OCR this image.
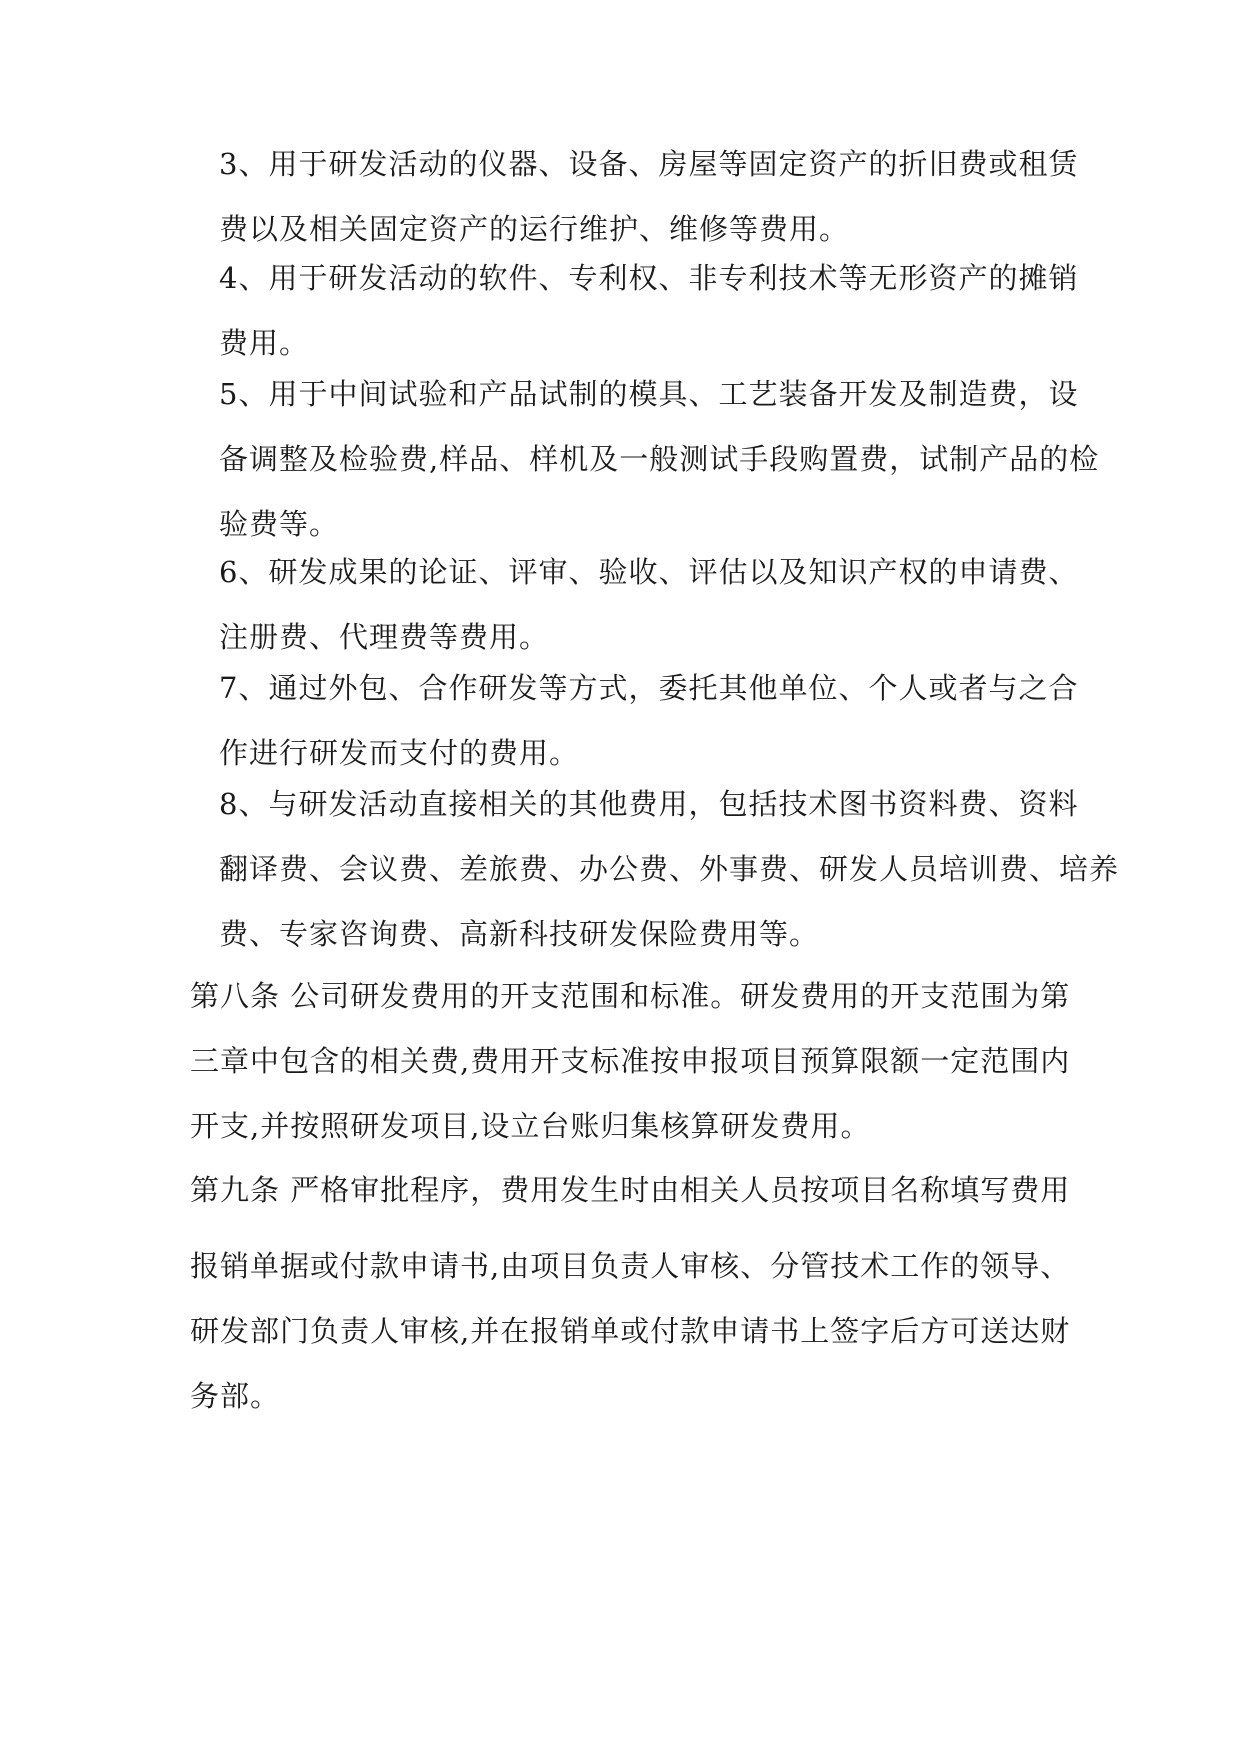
3、用于研发活动的仪器、设备、房屋等固定资产的折旧费或租赁
费以及相关固定资产的运行维护、维修等费用。

4、用于研发活动的软件、专利权、非专利技术等无形资产的摊销
费用。

5、用于中间试验和产品试制的模具、工艺装备开发及制造费，设
备调整及检验费,样品、样机及一般测试手段购置费，试制产品的检
验费等。

6、研发成果的论证、评审、验收、评估以及知识产权的申请费、
注册费、代理费等费用。

7、通过外包、合作研发等方式，委托其他单位、个人或者与之合
作进行研发而支付的费用。

8、与研发活动直接相关的其他费用，包括技术图书资料费、资料
翻译费、会议费、差旅费、办公费、外事费、研发人员培训费、培养
费、专家咨询费、高新科技研发保险费用等。

第八条 公司研发费用的开支范围和标准。研发费用的开支范围为第
三章中包含的相关费,费用开支标准按申报项目预算限额一定范围内
开支,并按照研发项目,设立台账归集核算研发费用。

第九条 严格审批程序，费用发生时由相关人员按项目名称填写费用

报销单据或付款申请书,由项目负责人审核、分管技术工作的领导、
研发部门负责人审核,并在报销单或付款申请书上签字后方可送达财
务部。
